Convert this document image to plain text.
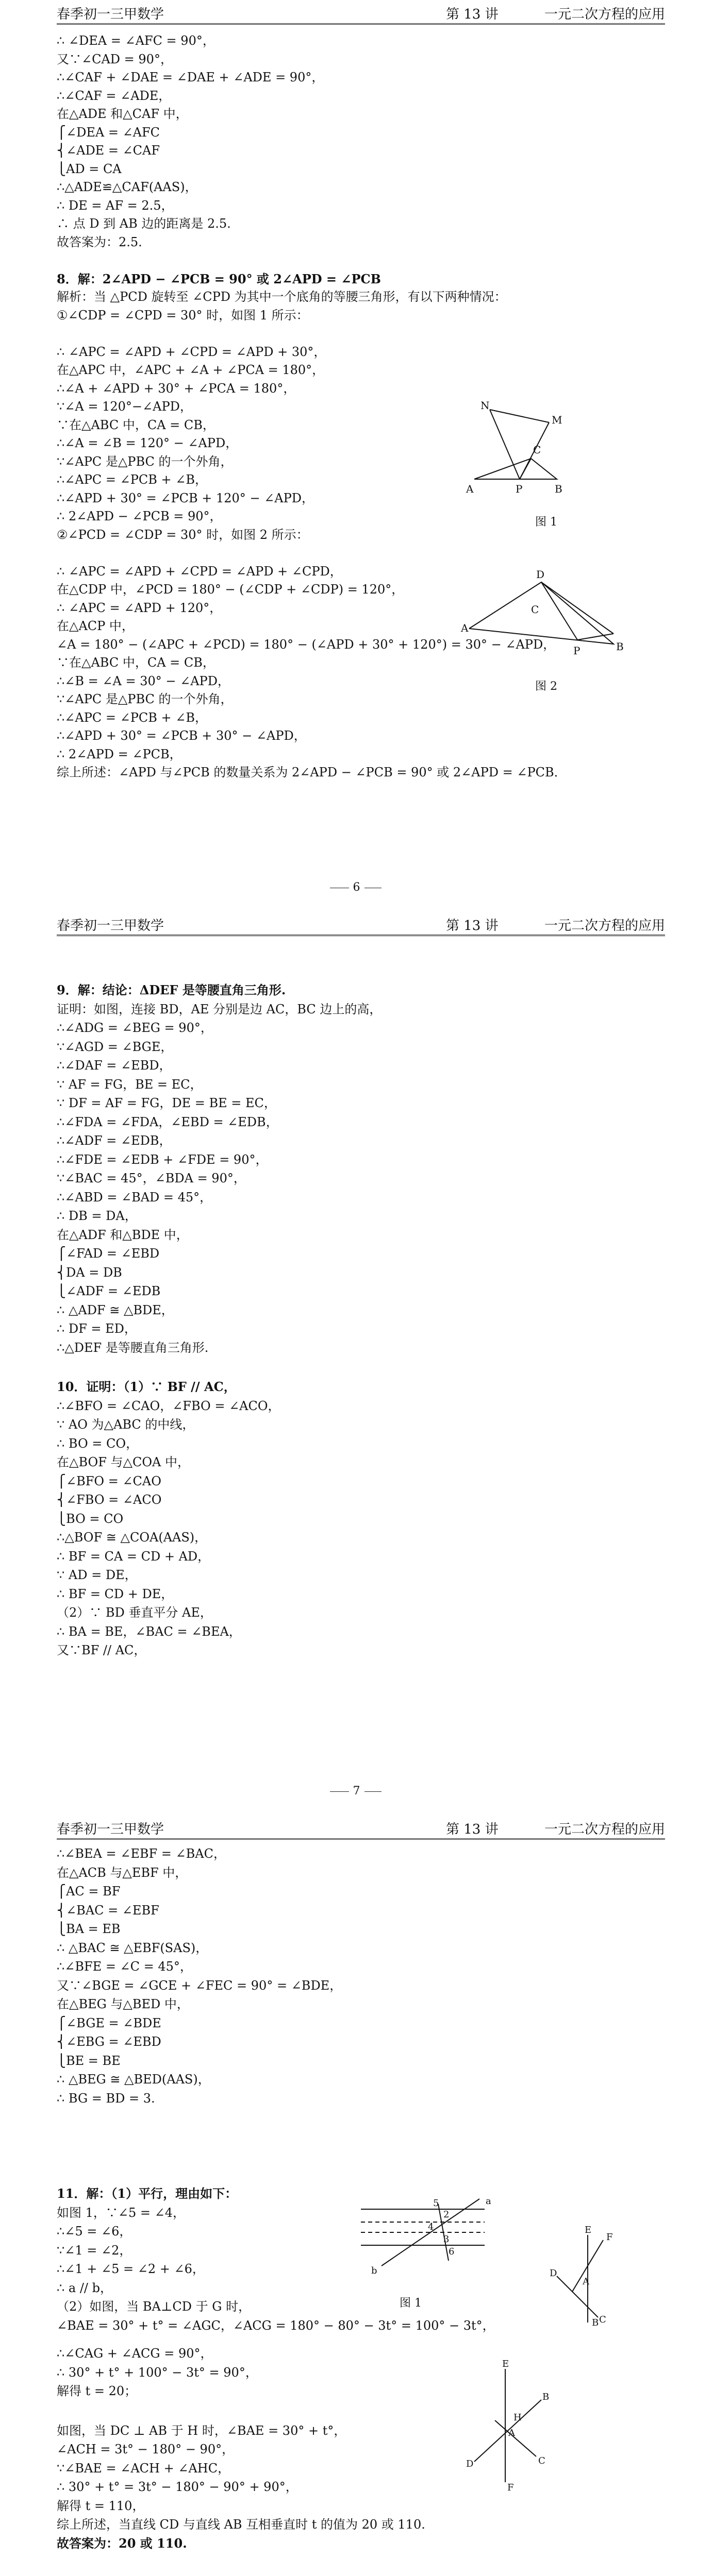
春季初一三甲数学	第 13 讲	一元二次方程的应用
∴ ∠DEA = ∠AFC = 90°，
又∵∠CAD = 90°，
∴∠CAF + ∠DAE = ∠DAE + ∠ADE = 90°，
∴∠CAF = ∠ADE，
在△ADE 和△CAF 中，
⎧∠DEA = ∠AFC
⎨∠ADE = ∠CAF
⎩AD = CA
∴△ADE≌△CAF(AAS)，
∴ DE = AF = 2.5，
∴ 点 D 到 AB 边的距离是 2.5.
故答案为：2.5.
8．解：2∠APD − ∠PCB = 90° 或 2∠APD = ∠PCB
解析：当 △PCD 旋转至 ∠CPD 为其中一个底角的等腰三角形，有以下两种情况：
①∠CDP = ∠CPD = 30° 时，如图 1 所示：
∴ ∠APC = ∠APD + ∠CPD = ∠APD + 30°，
在△APC 中，∠APC + ∠A + ∠PCA = 180°，
∴∠A + ∠APD + 30° + ∠PCA = 180°，
∵∠A = 120°−∠APD，
∵在△ABC 中，CA = CB，
∴∠A = ∠B = 120° − ∠APD，
∵∠APC 是△PBC 的一个外角，
∴∠APC = ∠PCB + ∠B，
∴∠APD + 30° = ∠PCB + 120° − ∠APD，
∴ 2∠APD − ∠PCB = 90°，
②∠PCD = ∠CDP = 30° 时，如图 2 所示：
∴ ∠APC = ∠APD + ∠CPD = ∠APD + ∠CPD，
在△CDP 中，∠PCD = 180° − (∠CDP + ∠CDP) = 120°，
∴ ∠APC = ∠APD + 120°，
在△ACP 中，
∠A = 180° − (∠APC + ∠PCD) = 180° − (∠APD + 30° + 120°) = 30° − ∠APD，
∵在△ABC 中，CA = CB，
∴∠B = ∠A = 30° − ∠APD，
∵∠APC 是△PBC 的一个外角，
∴∠APC = ∠PCB + ∠B，
∴∠APD + 30° = ∠PCB + 30° − ∠APD，
∴ 2∠APD = ∠PCB，
综上所述：∠APD 与∠PCB 的数量关系为 2∠APD − ∠PCB = 90° 或 2∠APD = ∠PCB．
N
M
A	P	B
C
图 1
D
A
P	B
C
图 2
6
春季初一三甲数学	第 13 讲	一元二次方程的应用
9．解：结论：ΔDEF 是等腰直角三角形.
证明：如图，连接 BD，AE 分别是边 AC，BC 边上的高，
∴∠ADG = ∠BEG = 90°，
∵∠AGD = ∠BGE，
∴∠DAF = ∠EBD，
∵ AF = FG，BE = EC，
∵ DF = AF = FG，DE = BE = EC，
∴∠FDA = ∠FDA，∠EBD = ∠EDB，
∴∠ADF = ∠EDB，
∴∠FDE = ∠EDB + ∠FDE = 90°，
∵∠BAC = 45°，∠BDA = 90°，
∴∠ABD = ∠BAD = 45°，
∴ DB = DA，
在△ADF 和△BDE 中，
⎧∠FAD = ∠EBD
⎨DA = DB
⎩∠ADF = ∠EDB
∴ △ADF ≅ △BDE，
∴ DF = ED，
∴△DEF 是等腰直角三角形.
10．证明：（1）∵ BF // AC，
∴∠BFO = ∠CAO，∠FBO = ∠ACO，
∵ AO 为△ABC 的中线，
∴ BO = CO，
在△BOF 与△COA 中，
⎧∠BFO = ∠CAO
⎨∠FBO = ∠ACO
⎩BO = CO
∴△BOF ≅ △COA(AAS)，
∴ BF = CA = CD + AD，
∵ AD = DE，
∴ BF = CD + DE，
（2）∵ BD 垂直平分 AE，
∴ BA = BE，∠BAC = ∠BEA，
又∵BF // AC，
7
春季初一三甲数学	第 13 讲	一元二次方程的应用
∴∠BEA = ∠EBF = ∠BAC，
在△ACB 与△EBF 中，
⎧AC = BF
⎨∠BAC = ∠EBF
⎩BA = EB
∴ △BAC ≅ △EBF(SAS)，
∴∠BFE = ∠C = 45°，
又∵∠BGE = ∠GCE + ∠FEC = 90° = ∠BDE，
在△BEG 与△BED 中，
⎧∠BGE = ∠BDE
⎨∠EBG = ∠EBD
⎩BE = BE
∴ △BEG ≅ △BED(AAS)，
∴ BG = BD = 3.
11．解：（1）平行，理由如下：
如图 1，∵∠5 = ∠4，
∴∠5 = ∠6，
∵∠1 = ∠2，
∴∠1 + ∠5 = ∠2 + ∠6，
∴ a // b，
（2）如图，当 BA⊥CD 于 G 时，
∠BAE = 30° + t° = ∠AGC，∠ACG = 180° − 80° − 3t° = 100° − 3t°，
∴∠CAG + ∠ACG = 90°，
∴ 30° + t° + 100° − 3t° = 90°，
解得 t = 20；
如图，当 DC ⊥ AB 于 H 时，∠BAE = 30° + t°，
∠ACH = 3t° − 180° − 90°，
∵∠BAE = ∠ACH + ∠AHC，
∴ 30° + t° = 3t° − 180° − 90° + 90°，
解得 t = 110，
综上所述，当直线 CD 与直线 AB 互相垂直时 t 的值为 20 或 110.
故答案为：20 或 110.
a
b
5
2
4
3
6
图 1
E
F
D
A
C
B
E
B
H
A
D	C
F
